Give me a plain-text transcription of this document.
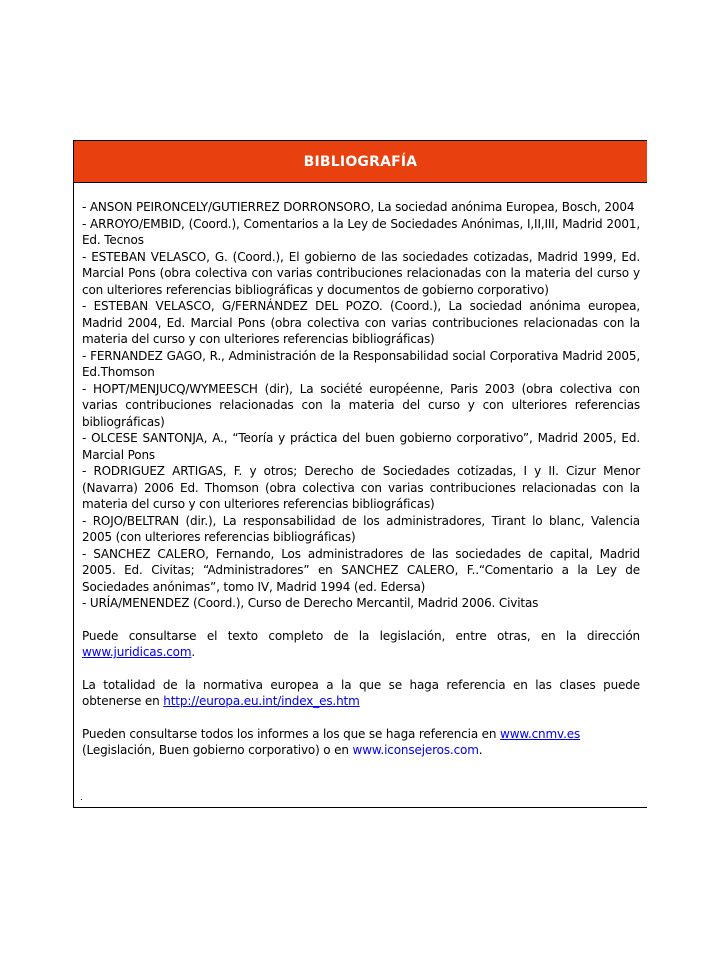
BIBLIOGRAFÍA

- ANSON PEIRONCELY/GUTIERREZ DORRONSORO, La sociedad anónima Europea, Bosch, 2004

- ARROYO/EMBID, (Coord.), Comentarios a la Ley de Sociedades Anónimas, I,II,III, Madrid 2001, Ed. Tecnos

- ESTEBAN VELASCO, G. (Coord.), El gobierno de las sociedades cotizadas, Madrid 1999, Ed. Marcial Pons (obra colectiva con varias contribuciones relacionadas con la materia del curso y con ulteriores referencias bibliográficas y documentos de gobierno corporativo)

- ESTEBAN VELASCO, G/FERNÁNDEZ DEL POZO. (Coord.), La sociedad anónima europea, Madrid 2004, Ed. Marcial Pons (obra colectiva con varias contribuciones relacionadas con la materia del curso y con ulteriores referencias bibliográficas)

- FERNANDEZ GAGO, R., Administración de la Responsabilidad social Corporativa Madrid 2005, Ed.Thomson

- HOPT/MENJUCQ/WYMEESCH (dir), La société européenne, Paris 2003 (obra colectiva con varias contribuciones relacionadas con la materia del curso y con ulteriores referencias bibliográficas)

- OLCESE SANTONJA, A., “Teoría y práctica del buen gobierno corporativo”, Madrid 2005, Ed. Marcial Pons

- RODRIGUEZ ARTIGAS, F. y otros; Derecho de Sociedades cotizadas, I y II. Cizur Menor (Navarra) 2006 Ed. Thomson (obra colectiva con varias contribuciones relacionadas con la materia del curso y con ulteriores referencias bibliográficas)

- ROJO/BELTRAN (dir.), La responsabilidad de los administradores, Tirant lo blanc, Valencia 2005 (con ulteriores referencias bibliográficas)

- SANCHEZ CALERO, Fernando, Los administradores de las sociedades de capital, Madrid 2005. Ed. Civitas; “Administradores” en SANCHEZ CALERO, F..“Comentario a la Ley de Sociedades anónimas”, tomo IV, Madrid 1994 (ed. Edersa)

- URÍA/MENENDEZ (Coord.), Curso de Derecho Mercantil, Madrid 2006. Civitas

Puede consultarse el texto completo de la legislación, entre otras, en la dirección www.juridicas.com.

La totalidad de la normativa europea a la que se haga referencia en las clases puede obtenerse en http://europa.eu.int/index_es.htm

Pueden consultarse todos los informes a los que se haga referencia en www.cnmv.es
(Legislación, Buen gobierno corporativo) o en www.iconsejeros.com.

.
